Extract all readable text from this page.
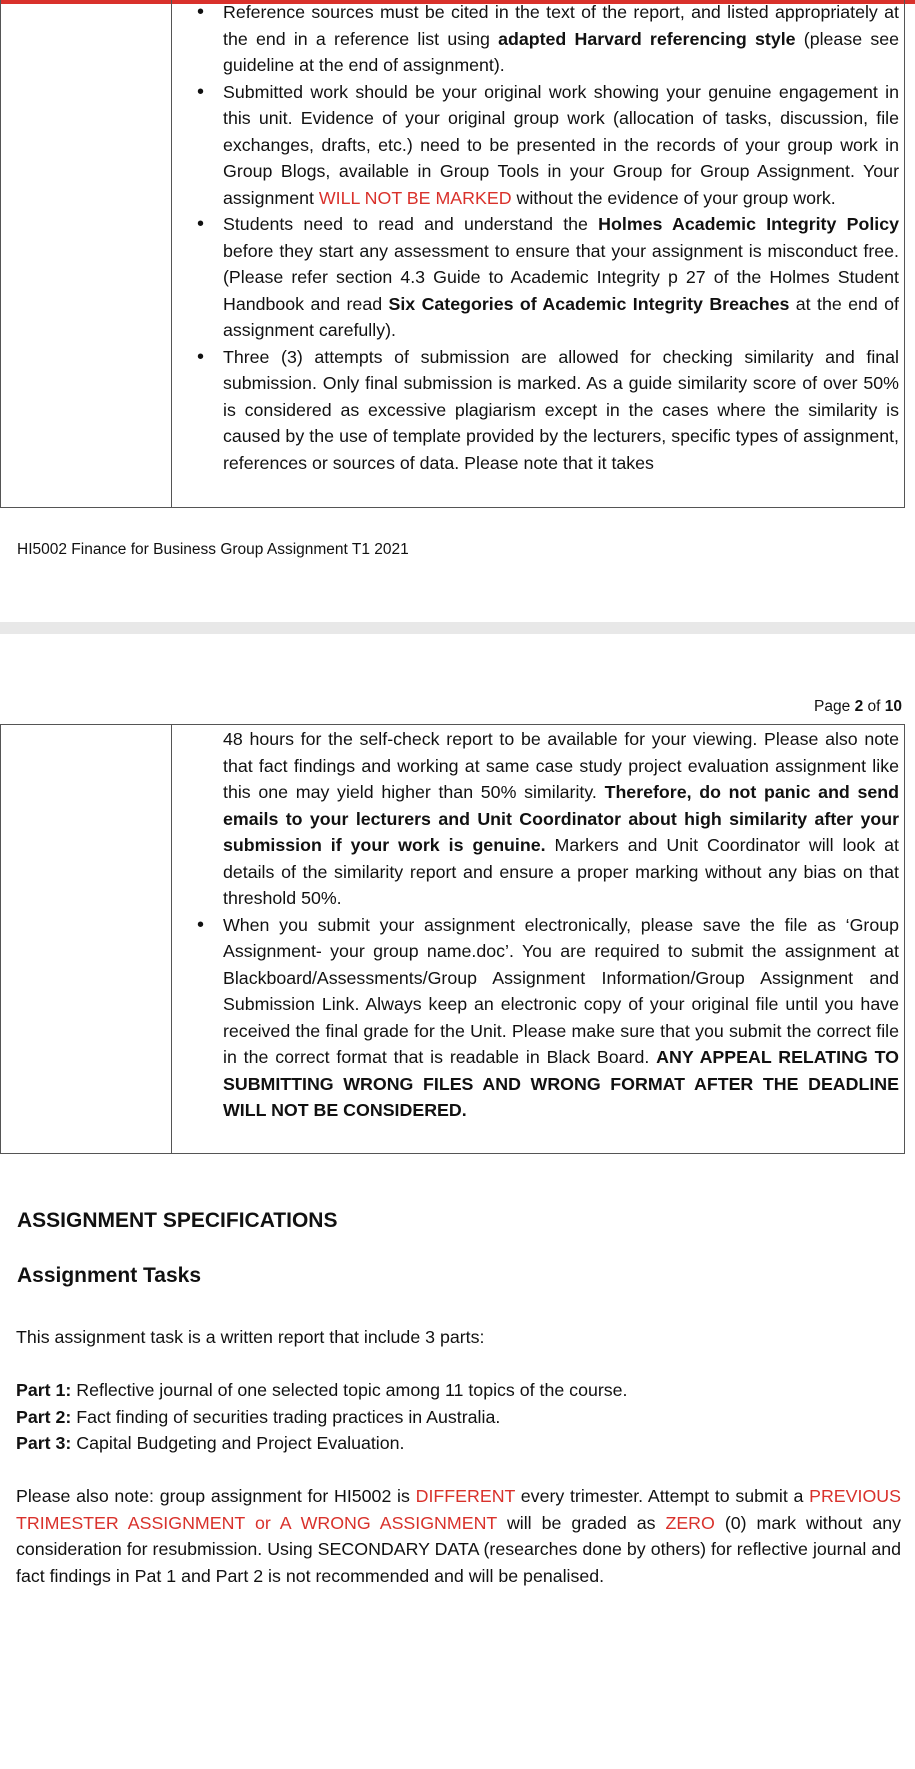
• Reference sources must be cited in the text of the report, and listed appropriately at the end in a reference list using adapted Harvard referencing style (please see guideline at the end of assignment).
• Submitted work should be your original work showing your genuine engagement in this unit. Evidence of your original group work (allocation of tasks, discussion, file exchanges, drafts, etc.) need to be presented in the records of your group work in Group Blogs, available in Group Tools in your Group for Group Assignment. Your assignment WILL NOT BE MARKED without the evidence of your group work.
• Students need to read and understand the Holmes Academic Integrity Policy before they start any assessment to ensure that your assignment is misconduct free. (Please refer section 4.3 Guide to Academic Integrity p 27 of the Holmes Student Handbook and read Six Categories of Academic Integrity Breaches at the end of assignment carefully).
• Three (3) attempts of submission are allowed for checking similarity and final submission. Only final submission is marked. As a guide similarity score of over 50% is considered as excessive plagiarism except in the cases where the similarity is caused by the use of template provided by the lecturers, specific types of assignment, references or sources of data. Please note that it takes
HI5002 Finance for Business Group Assignment T1 2021
Page 2 of 10
48 hours for the self-check report to be available for your viewing. Please also note that fact findings and working at same case study project evaluation assignment like this one may yield higher than 50% similarity. Therefore, do not panic and send emails to your lecturers and Unit Coordinator about high similarity after your submission if your work is genuine. Markers and Unit Coordinator will look at details of the similarity report and ensure a proper marking without any bias on that threshold 50%.
• When you submit your assignment electronically, please save the file as ‘Group Assignment- your group name.doc’. You are required to submit the assignment at Blackboard/Assessments/Group Assignment Information/Group Assignment and Submission Link. Always keep an electronic copy of your original file until you have received the final grade for the Unit. Please make sure that you submit the correct file in the correct format that is readable in Black Board. ANY APPEAL RELATING TO SUBMITTING WRONG FILES AND WRONG FORMAT AFTER THE DEADLINE WILL NOT BE CONSIDERED.
ASSIGNMENT SPECIFICATIONS
Assignment Tasks

This assignment task is a written report that include 3 parts:

Part 1: Reflective journal of one selected topic among 11 topics of the course.
Part 2: Fact finding of securities trading practices in Australia.
Part 3: Capital Budgeting and Project Evaluation.

Please also note: group assignment for HI5002 is DIFFERENT every trimester. Attempt to submit a PREVIOUS TRIMESTER ASSIGNMENT or A WRONG ASSIGNMENT will be graded as ZERO (0) mark without any consideration for resubmission. Using SECONDARY DATA (researches done by others) for reflective journal and fact findings in Pat 1 and Part 2 is not recommended and will be penalised.
